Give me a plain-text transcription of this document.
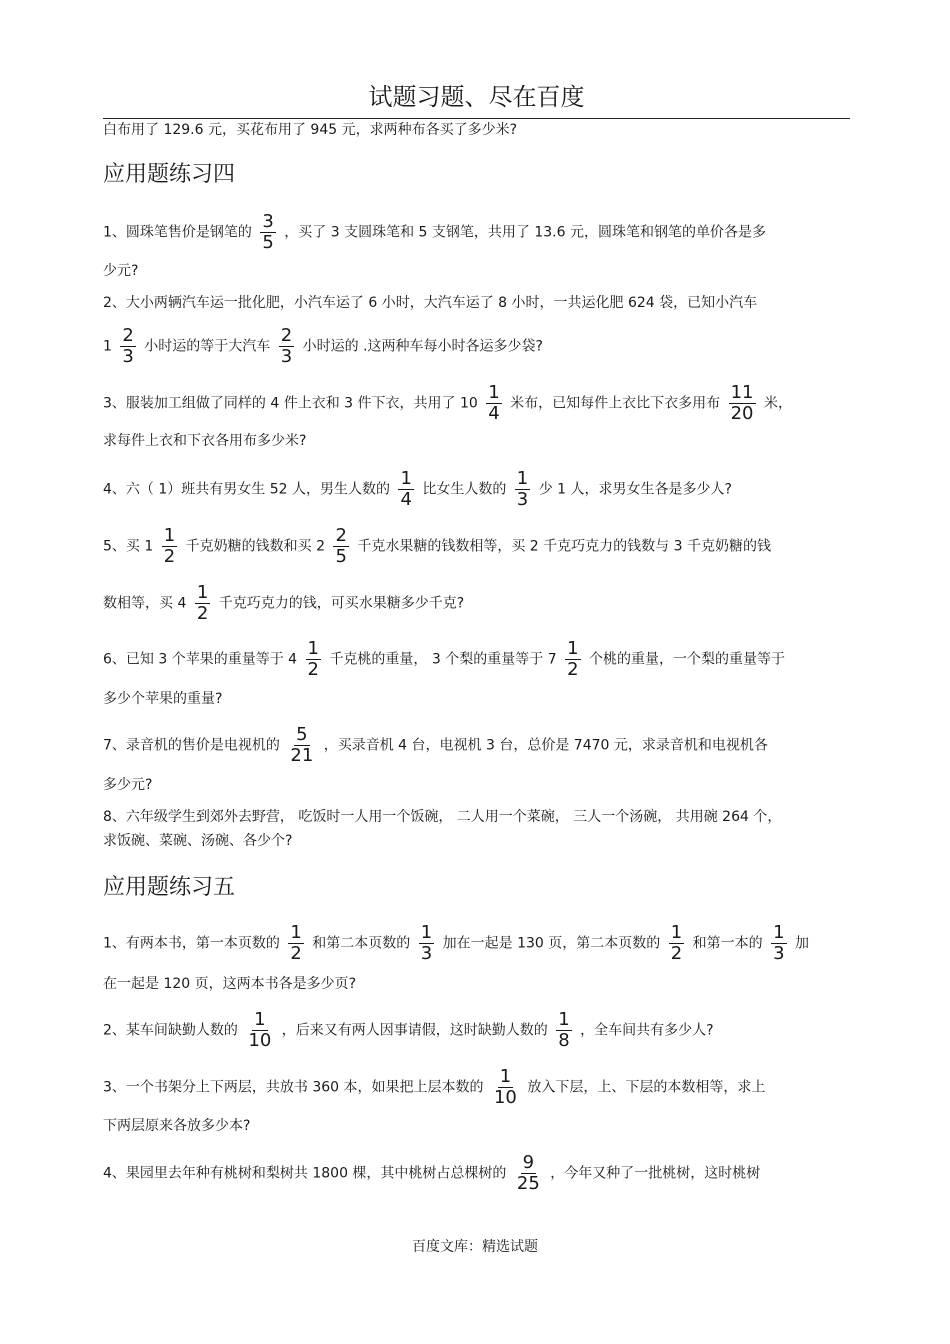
试题习题、尽在百度
白布用了 129.6 元，买花布用了 945 元，求两种布各买了多少米?
应用题练习四
1、圆珠笔售价是钢笔的 $\frac{3}{5}$ ，买了 3 支圆珠笔和 5 支钢笔，共用了 13.6 元，圆珠笔和钢笔的单价各是多
少元?
2、大小两辆汽车运一批化肥，小汽车运了 6 小时，大汽车运了 8 小时，一共运化肥 624 袋，已知小汽车
$1 \frac{2}{3}$ 小时运的等于大汽车 $\frac{2}{3}$ 小时运的 .这两种车每小时各运多少袋?
3、服装加工组做了同样的 4 件上衣和 3 件下衣，共用了 $10 \frac{1}{4}$ 米布，已知每件上衣比下衣多用布 $\frac{11}{20}$ 米，
求每件上衣和下衣各用布多少米?
4、六（ 1）班共有男女生 52 人，男生人数的 $\frac{1}{4}$ 比女生人数的 $\frac{1}{3}$ 少 1 人，求男女生各是多少人?
5、买 $1 \frac{1}{2}$ 千克奶糖的钱数和买 $2 \frac{2}{5}$ 千克水果糖的钱数相等，买 2 千克巧克力的钱数与 3 千克奶糖的钱
数相等，买 $4 \frac{1}{2}$ 千克巧克力的钱，可买水果糖多少千克?
6、已知 3 个苹果的重量等于 $4 \frac{1}{2}$ 千克桃的重量， 3 个梨的重量等于 $7 \frac{1}{2}$ 个桃的重量，一个梨的重量等于
多少个苹果的重量?
7、录音机的售价是电视机的 $\frac{5}{21}$ ，买录音机 4 台，电视机 3 台，总价是 7470 元，求录音机和电视机各
多少元?
8、六年级学生到郊外去野营， 吃饭时一人用一个饭碗， 二人用一个菜碗， 三人一个汤碗， 共用碗 264 个，
求饭碗、菜碗、汤碗、各少个?
应用题练习五
1、有两本书，第一本页数的 $\frac{1}{2}$ 和第二本页数的 $\frac{1}{3}$ 加在一起是 130 页，第二本页数的 $\frac{1}{2}$ 和第一本的 $\frac{1}{3}$ 加
在一起是 120 页，这两本书各是多少页?
2、某车间缺勤人数的 $\frac{1}{10}$ ，后来又有两人因事请假，这时缺勤人数的 $\frac{1}{8}$ ，全车间共有多少人?
3、一个书架分上下两层，共放书 360 本，如果把上层本数的 $\frac{1}{10}$ 放入下层，上、下层的本数相等，求上
下两层原来各放多少本?
4、果园里去年种有桃树和梨树共 1800 棵，其中桃树占总棵树的 $\frac{9}{25}$ ，今年又种了一批桃树，这时桃树
百度文库：精选试题
